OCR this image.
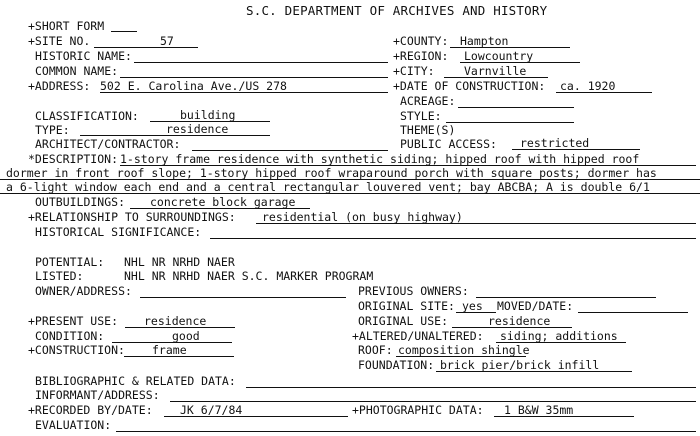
S.C. DEPARTMENT OF ARCHIVES AND HISTORY
+SHORT FORM
+SITE NO.	57	+COUNTY: Hampton
HISTORIC NAME:	+REGION: Lowcountry
COMMON NAME:	+CITY:	Varnville
+ADDRESS: 502 E. Carolina Ave./US 278	+DATE OF CONSTRUCTION: ca. 1920
ACREAGE:
CLASSIFICATION:	building	STYLE:
TYPE:	residence	THEME(S)
ARCHITECT/CONTRACTOR:	PUBLIC ACCESS: restricted
*DESCRIPTION: 1-story frame residence with synthetic siding; hipped roof with hipped roof
dormer in front roof slope; 1-story hipped roof wraparound porch with square posts; dormer has
a 6-light window each end and a central rectangular louvered vent; bay ABCBA; A is double 6/1
OUTBUILDINGS: concrete block garage
+RELATIONSHIP TO SURROUNDINGS: residential (on busy highway)
HISTORICAL SIGNIFICANCE:
POTENTIAL: NHL NR NRHD NAER
LISTED:	NHL NR NRHD NAER S.C. MARKER PROGRAM
OWNER/ADDRESS:	PREVIOUS OWNERS:
ORIGINAL SITE: yes MOVED/DATE:
+PRESENT USE: residence	ORIGINAL USE:	residence
CONDITION:	good	+ALTERED/UNALTERED: siding; additions
+CONSTRUCTION: frame	ROOF: composition shingle
FOUNDATION: brick pier/brick infill
BIBLIOGRAPHIC & RELATED DATA:
INFORMANT/ADDRESS:
+RECORDED BY/DATE: JK 6/7/84	+PHOTOGRAPHIC DATA: 1 B&W 35mm
EVALUATION:
